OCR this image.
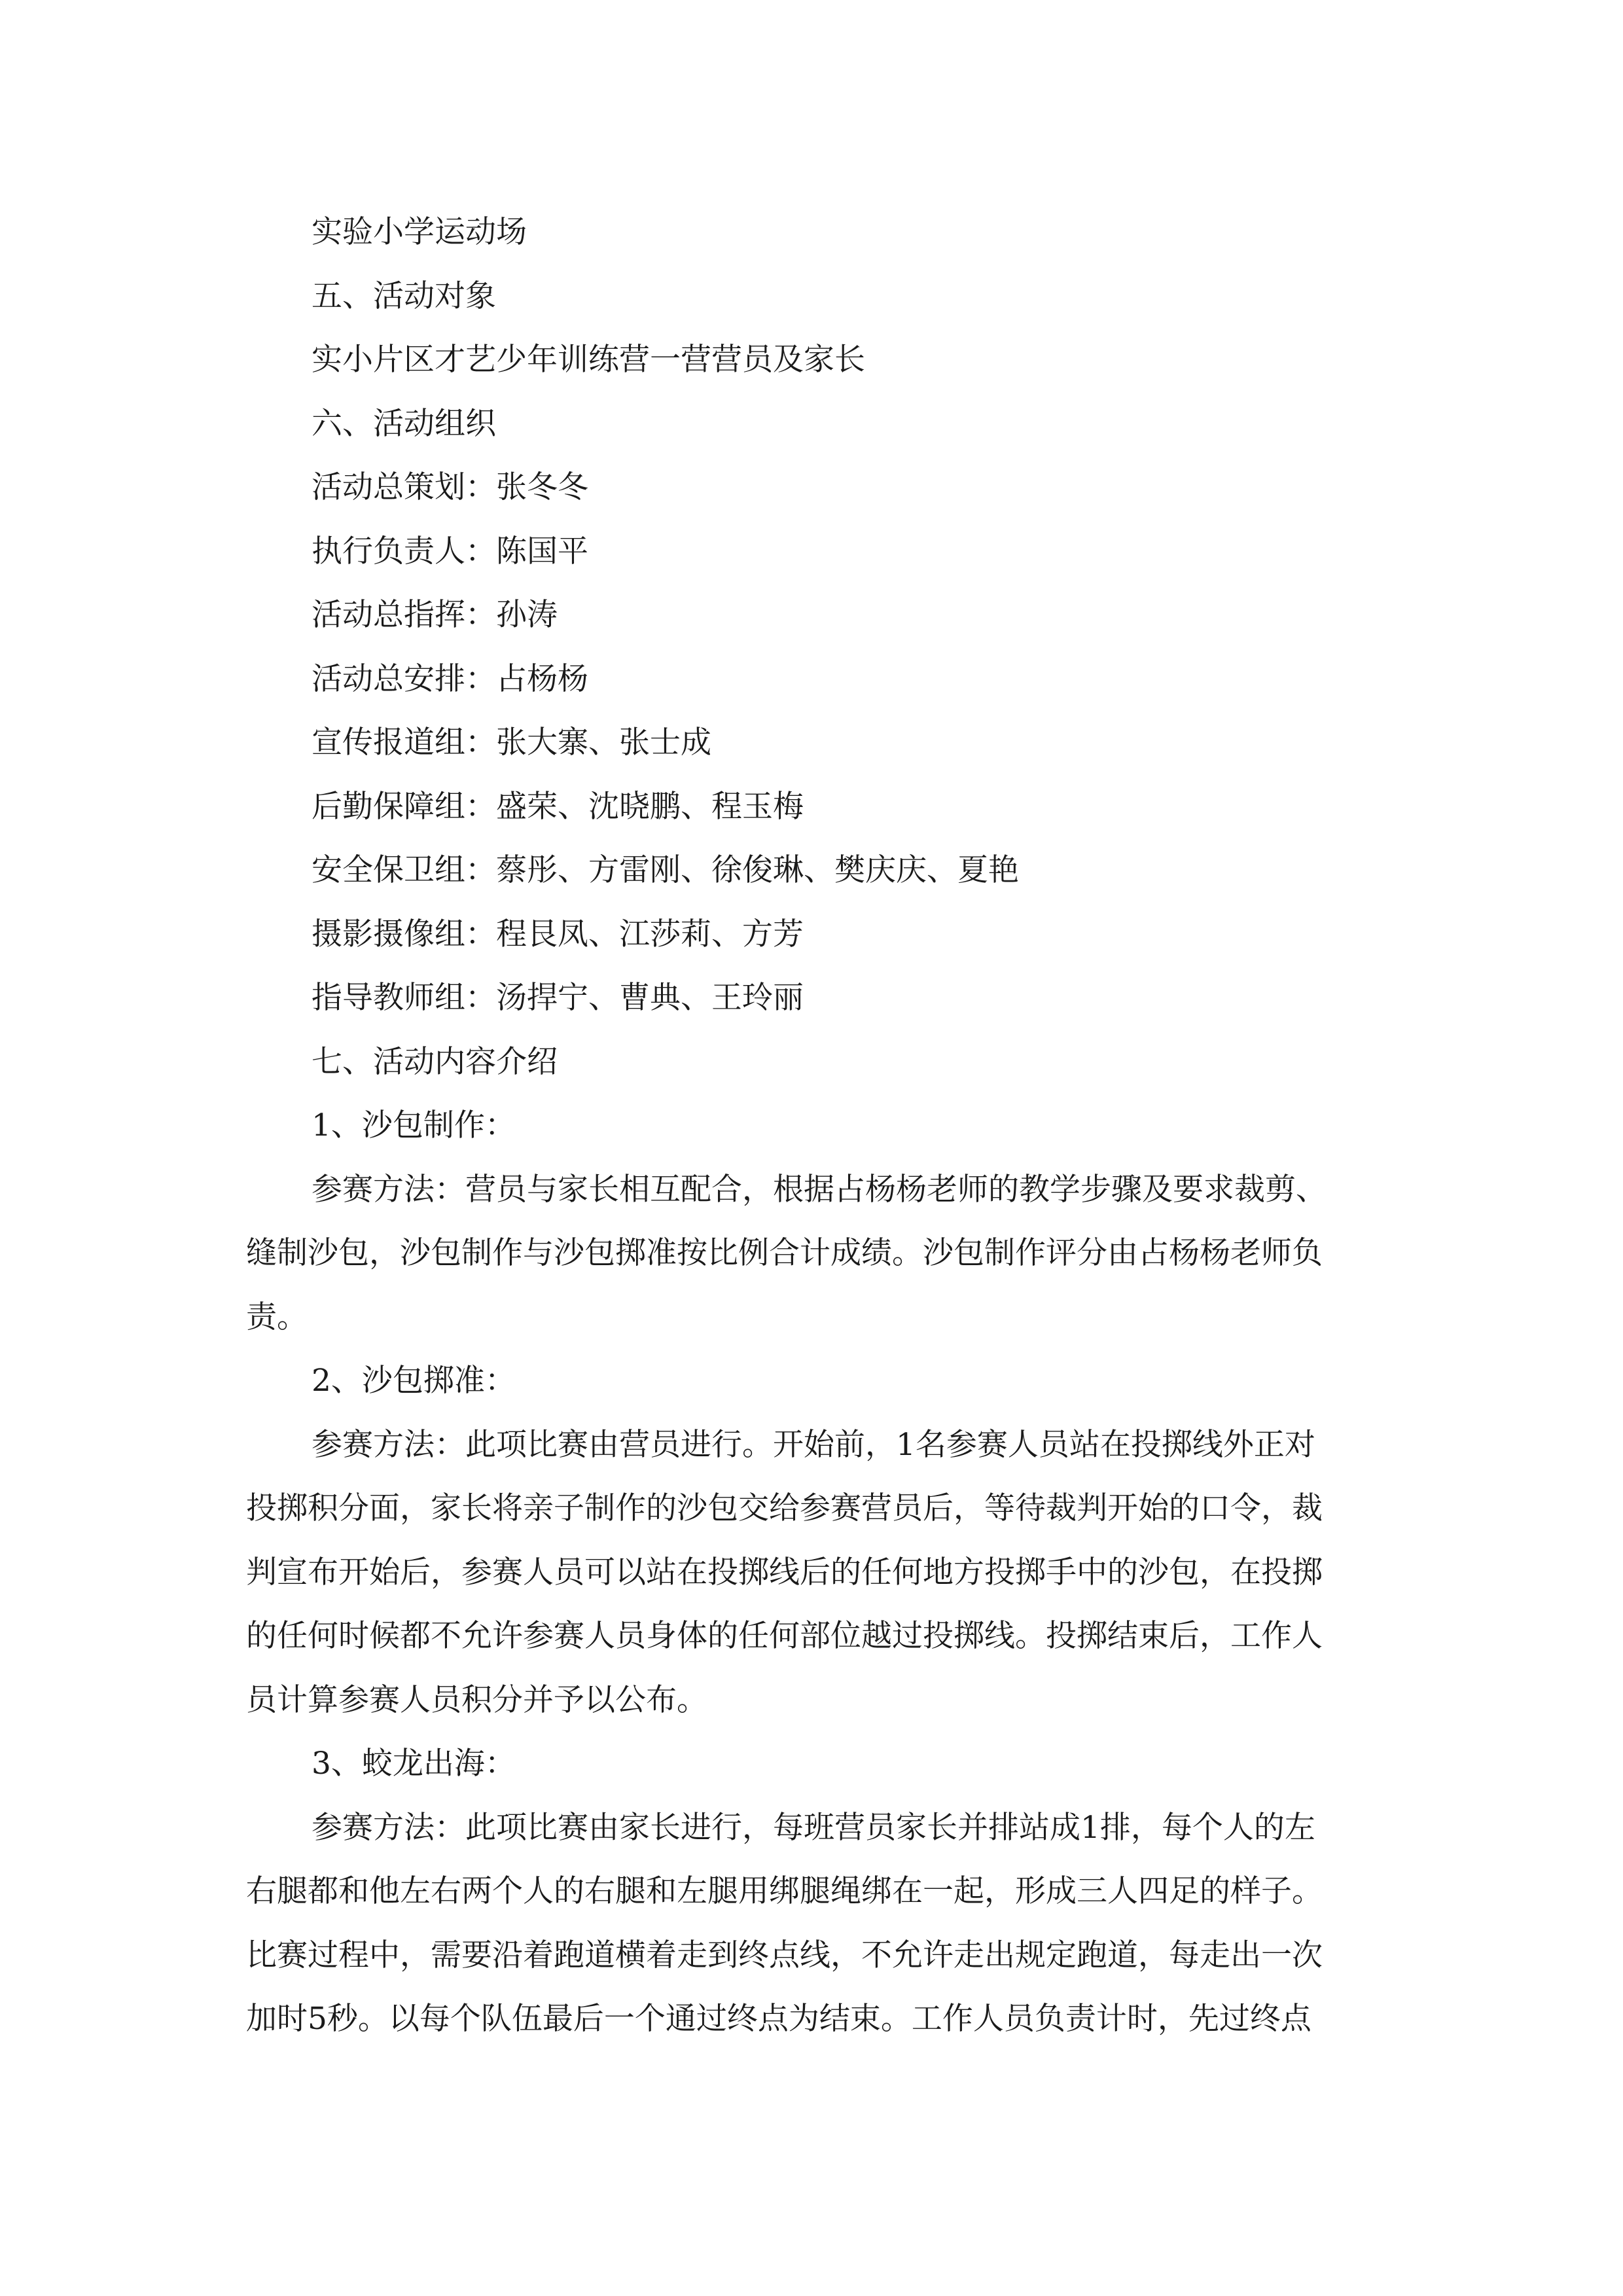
实验小学运动场
五、活动对象
实小片区才艺少年训练营一营营员及家长
六、活动组织
活动总策划：张冬冬
执行负责人：陈国平
活动总指挥：孙涛
活动总安排：占杨杨
宣传报道组：张大寨、张士成
后勤保障组：盛荣、沈晓鹏、程玉梅
安全保卫组：蔡彤、方雷刚、徐俊琳、樊庆庆、夏艳
摄影摄像组：程艮凤、江莎莉、方芳
指导教师组：汤捍宁、曹典、王玲丽
七、活动内容介绍
1、沙包制作：
参赛方法：营员与家长相互配合，根据占杨杨老师的教学步骤及要求裁剪、
缝制沙包，沙包制作与沙包掷准按比例合计成绩。沙包制作评分由占杨杨老师负
责。
2、沙包掷准：
参赛方法：此项比赛由营员进行。开始前，1名参赛人员站在投掷线外正对
投掷积分面，家长将亲子制作的沙包交给参赛营员后，等待裁判开始的口令，裁
判宣布开始后，参赛人员可以站在投掷线后的任何地方投掷手中的沙包，在投掷
的任何时候都不允许参赛人员身体的任何部位越过投掷线。投掷结束后，工作人
员计算参赛人员积分并予以公布。
3、蛟龙出海：
参赛方法：此项比赛由家长进行，每班营员家长并排站成1排，每个人的左
右腿都和他左右两个人的右腿和左腿用绑腿绳绑在一起，形成三人四足的样子。
比赛过程中，需要沿着跑道横着走到终点线，不允许走出规定跑道，每走出一次
加时5秒。以每个队伍最后一个通过终点为结束。工作人员负责计时，先过终点
